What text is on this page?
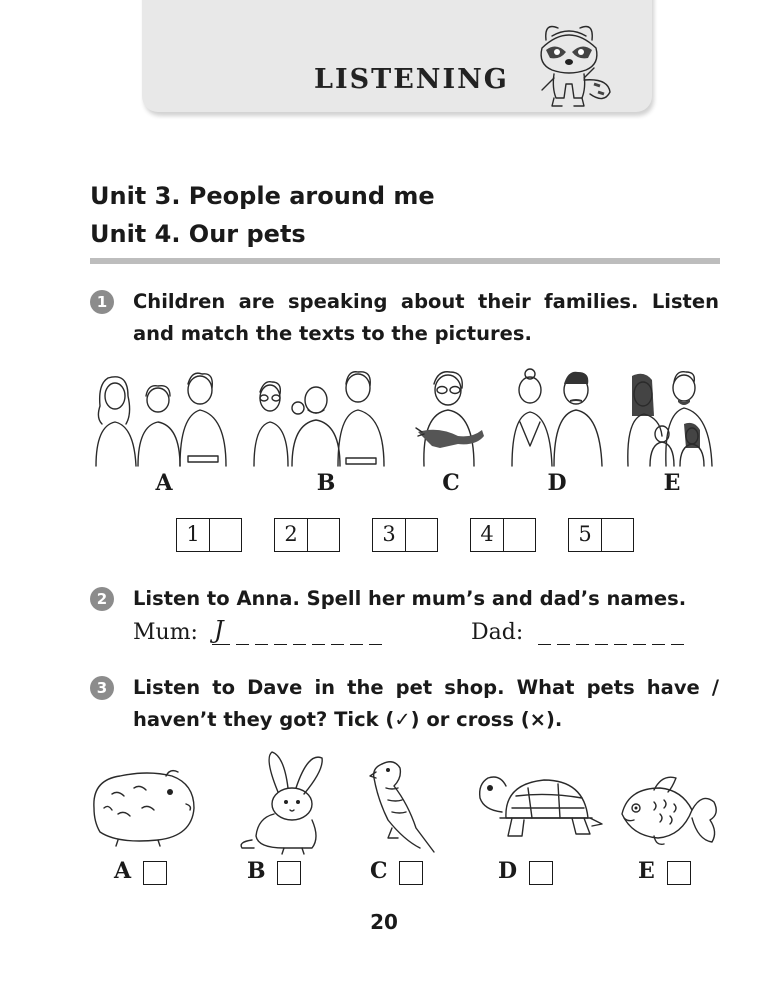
LISTENING
Unit 3. People around me
Unit 4. Our pets
1	Children are speaking about their families. Listen
and match the texts to the pictures.
A	B	C	D	E
1	2	3	4	5
2	Listen to Anna. Spell her mum’s and dad’s names.
Mum: J	Dad:
3	Listen to Dave in the pet shop. What pets have /
haven’t they got? Tick (✓) or cross (×).
A	B	C	D	E
20
